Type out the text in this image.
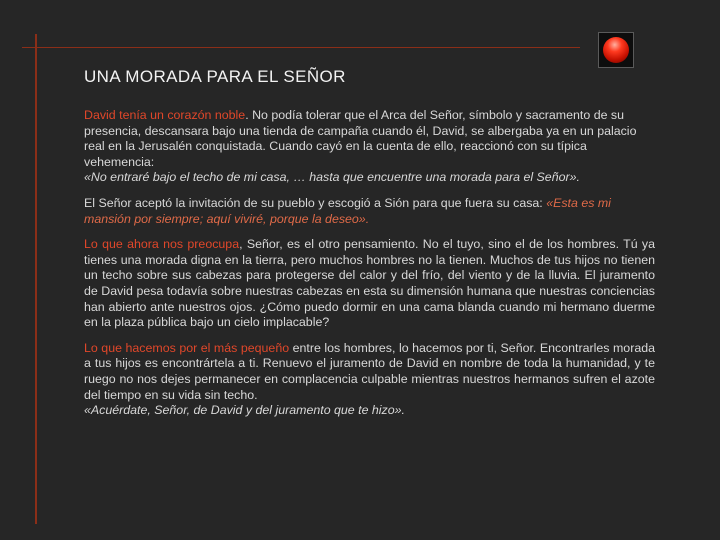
UNA MORADA PARA EL SEÑOR

David tenía un corazón noble. No podía tolerar que el Arca del Señor, símbolo y sacramento de su presencia, descansara bajo una tienda de campaña cuando él, David, se albergaba ya en un palacio real en la Jerusalén conquistada. Cuando cayó en la cuenta de ello, reaccionó con su típica vehemencia:
«No entraré bajo el techo de mi casa, … hasta que encuentre una morada para el Señor».

El Señor aceptó la invitación de su pueblo y escogió a Sión para que fuera su casa: «Esta es mi mansión por siempre; aquí viviré, porque la deseo».

Lo que ahora nos preocupa, Señor, es el otro pensamiento. No el tuyo, sino el de los hombres. Tú ya tienes una morada digna en la tierra, pero muchos hombres no la tienen. Muchos de tus hijos no tienen un techo sobre sus cabezas para protegerse del calor y del frío, del viento y de la lluvia. El juramento de David pesa todavía sobre nuestras cabezas en esta su dimensión humana que nuestras conciencias han abierto ante nuestros ojos. ¿Cómo puedo dormir en una cama blanda cuando mi hermano duerme en la plaza pública bajo un cielo implacable?

Lo que hacemos por el más pequeño entre los hombres, lo hacemos por ti, Señor. Encontrarles morada a tus hijos es encontrártela a ti. Renuevo el juramento de David en nombre de toda la humanidad, y te ruego no nos dejes permanecer en complacencia culpable mientras nuestros hermanos sufren el azote del tiempo en su vida sin techo.
«Acuérdate, Señor, de David y del juramento que te hizo».
